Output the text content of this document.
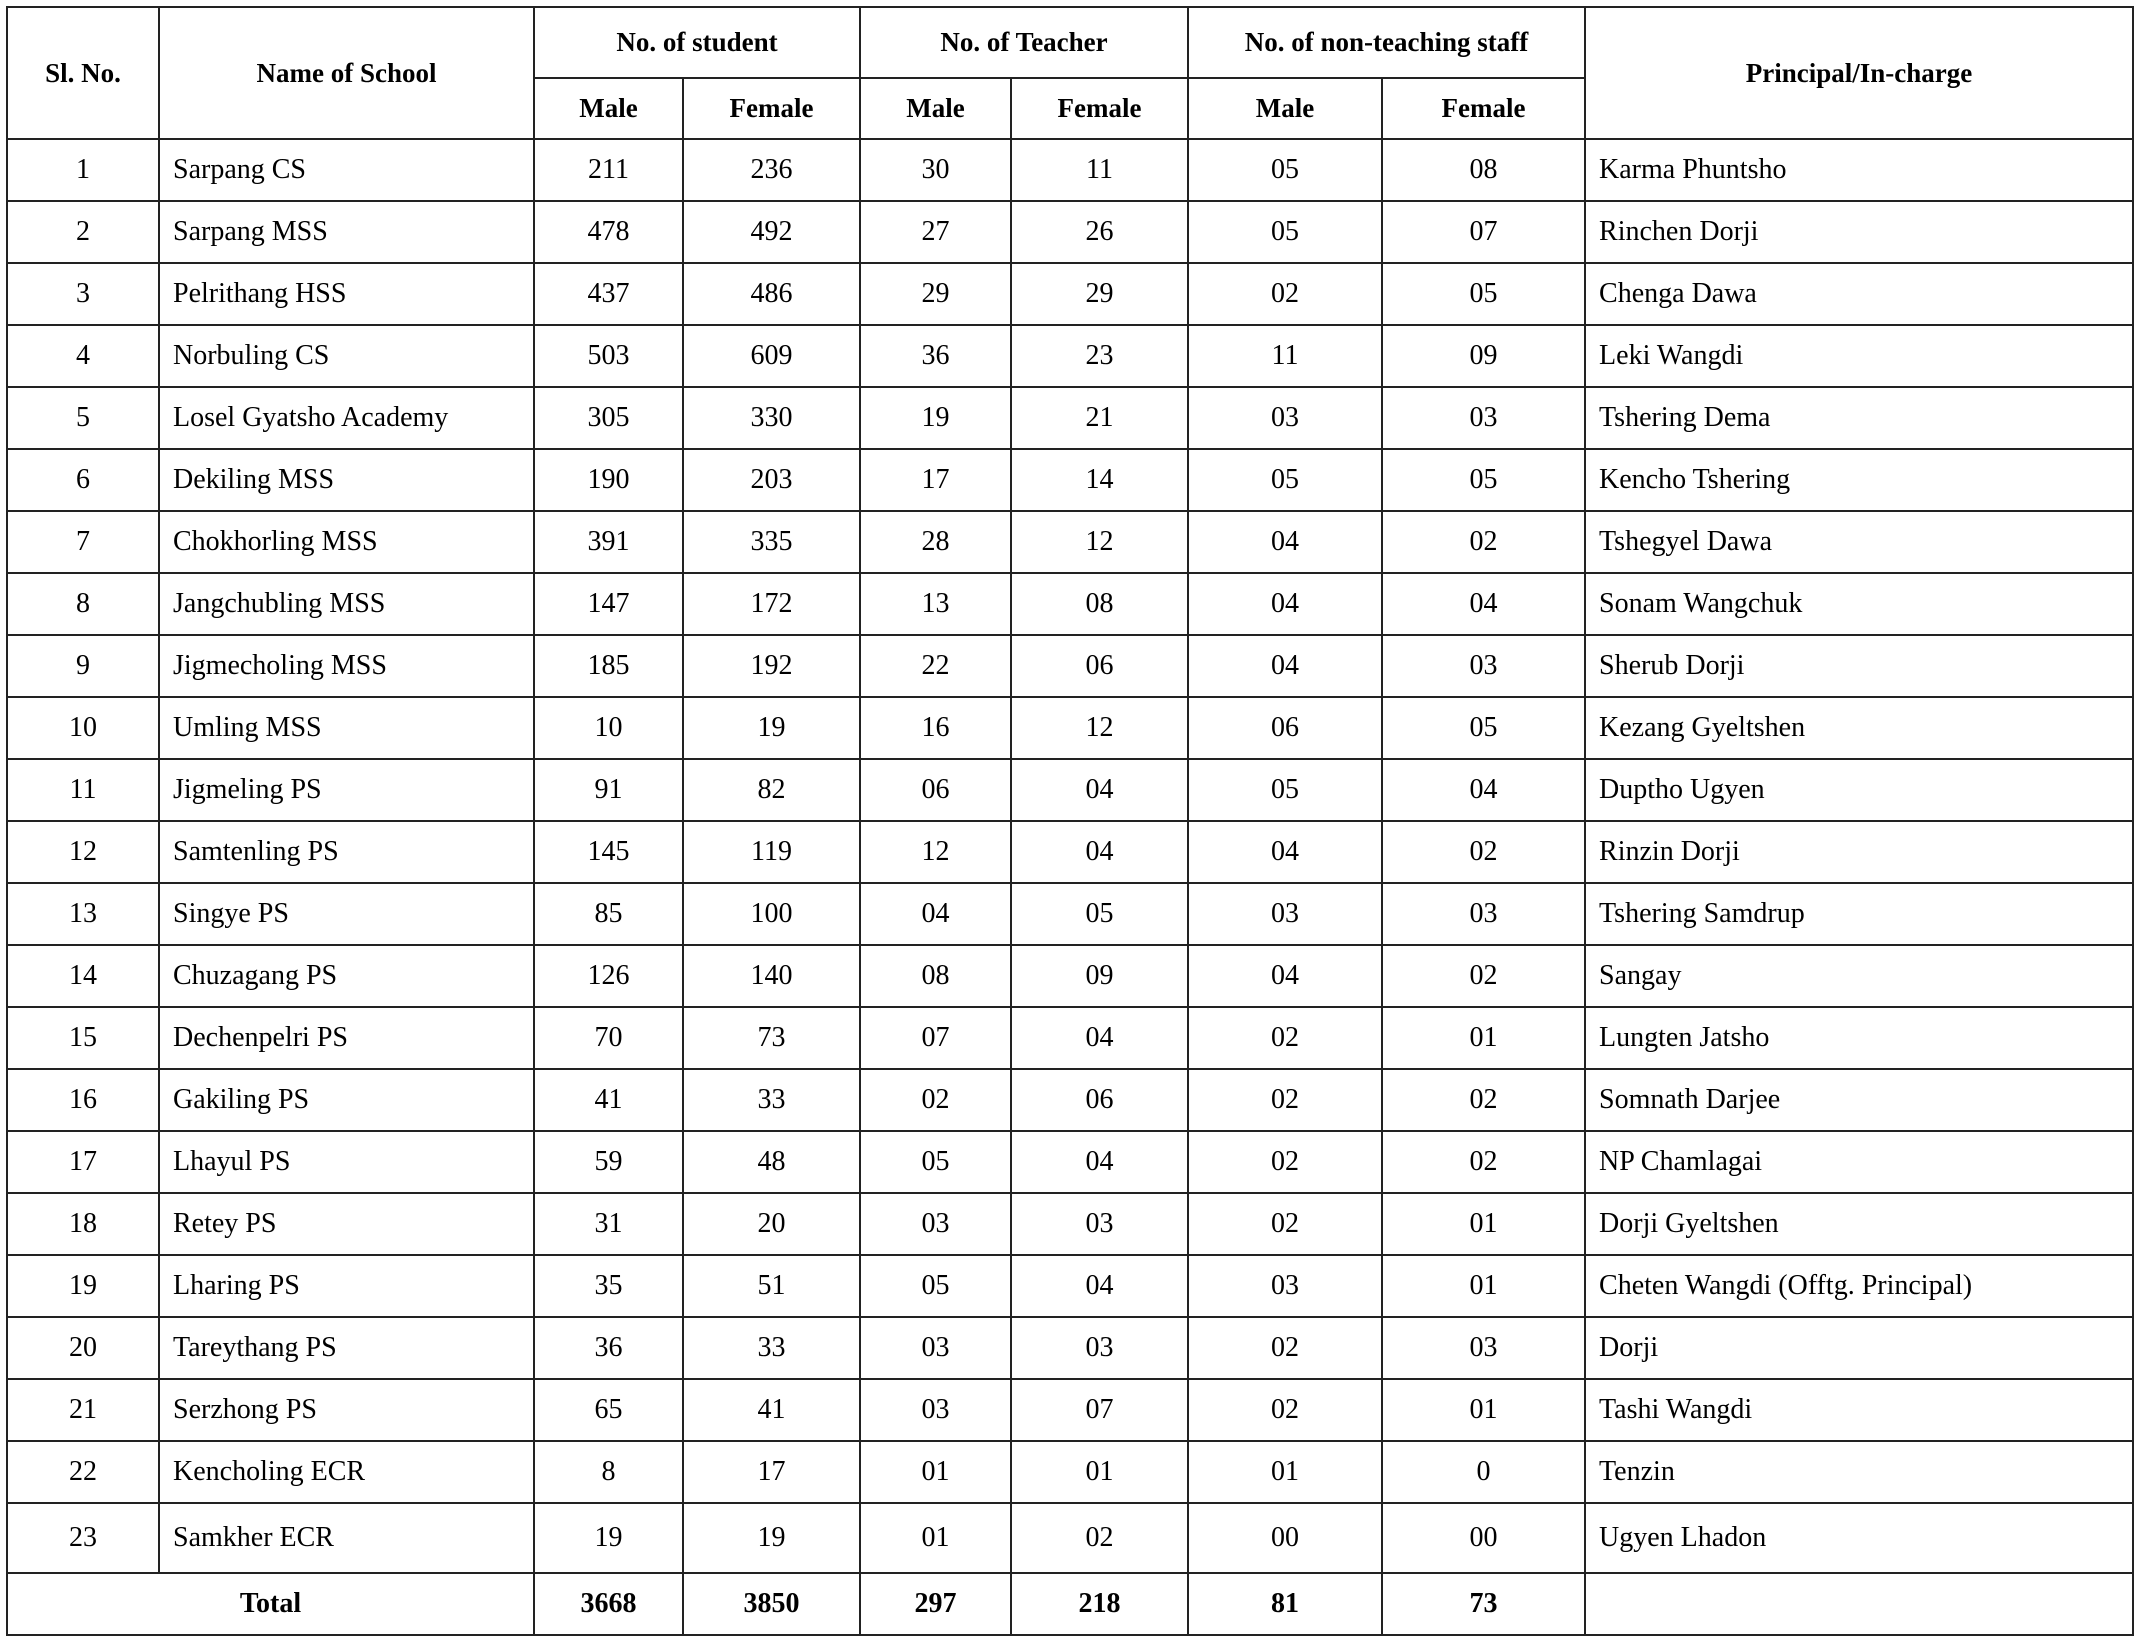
Sl. No.	Name of School	No. of student		No. of Teacher		No. of non-teaching staff		Principal/In-charge
		Male	Female	Male	Female	Male	Female	
1	Sarpang CS	211	236	30	11	05	08	Karma Phuntsho
2	Sarpang MSS	478	492	27	26	05	07	Rinchen Dorji
3	Pelrithang HSS	437	486	29	29	02	05	Chenga Dawa
4	Norbuling CS	503	609	36	23	11	09	Leki Wangdi
5	Losel Gyatsho Academy	305	330	19	21	03	03	Tshering Dema
6	Dekiling MSS	190	203	17	14	05	05	Kencho Tshering
7	Chokhorling MSS	391	335	28	12	04	02	Tshegyel Dawa
8	Jangchubling MSS	147	172	13	08	04	04	Sonam Wangchuk
9	Jigmecholing MSS	185	192	22	06	04	03	Sherub Dorji
10	Umling MSS	10	19	16	12	06	05	Kezang Gyeltshen
11	Jigmeling PS	91	82	06	04	05	04	Duptho Ugyen
12	Samtenling PS	145	119	12	04	04	02	Rinzin Dorji
13	Singye PS	85	100	04	05	03	03	Tshering Samdrup
14	Chuzagang PS	126	140	08	09	04	02	Sangay
15	Dechenpelri PS	70	73	07	04	02	01	Lungten Jatsho
16	Gakiling PS	41	33	02	06	02	02	Somnath Darjee
17	Lhayul PS	59	48	05	04	02	02	NP Chamlagai
18	Retey PS	31	20	03	03	02	01	Dorji Gyeltshen
19	Lharing PS	35	51	05	04	03	01	Cheten Wangdi (Offtg. Principal)
20	Tareythang PS	36	33	03	03	02	03	Dorji
21	Serzhong PS	65	41	03	07	02	01	Tashi Wangdi
22	Kencholing ECR	8	17	01	01	01	0	Tenzin
23	Samkher ECR	19	19	01	02	00	00	Ugyen Lhadon
Total		3668	3850	297	218	81	73	
